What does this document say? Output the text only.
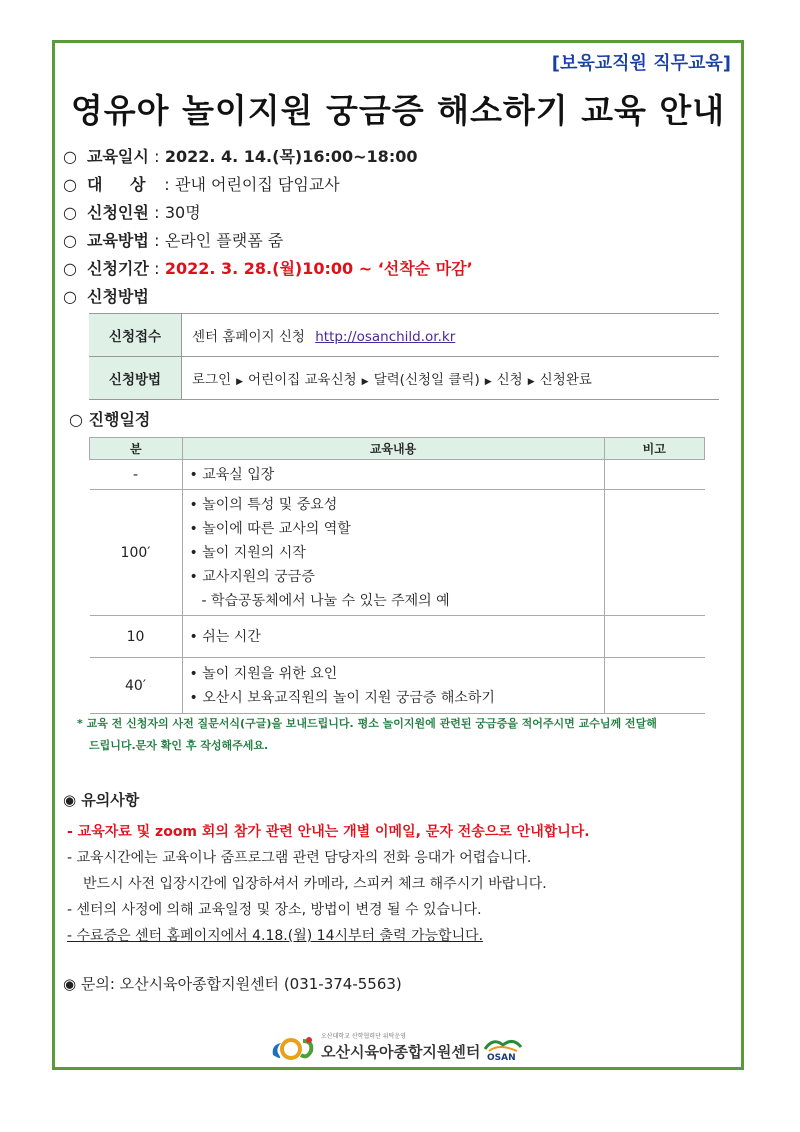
[보육교직원 직무교육]
영유아 놀이지원 궁금증 해소하기 교육 안내
○ 교육일시 : 2022. 4. 14.(목)16:00~18:00
○ 대 상 : 관내 어린이집 담임교사
○ 신청인원 : 30명
○ 교육방법 : 온라인 플랫폼 줌
○ 신청기간 : 2022. 3. 28.(월)10:00 ~ ‘선착순 마감’
○ 신청방법
신청접수	센터 홈페이지 신청 http://osanchild.or.kr
신청방법	로그인 ▶ 어린이집 교육신청 ▶ 달력(신청일 클릭) ▶ 신청 ▶ 신청완료
○ 진행일정
분	교육내용	비고
-	• 교육실 입장	

100′	• 놀이의 특성 및 중요성
• 놀이에 따른 교사의 역할
• 놀이 지원의 시작
• 교사지원의 궁금증
- 학습공동체에서 나눌 수 있는 주제의 예	

10	• 쉬는 시간	

40′	• 놀이 지원을 위한 요인
• 오산시 보육교직원의 놀이 지원 궁금증 해소하기	

* 교육 전 신청자의 사전 질문서식(구글)을 보내드립니다. 평소 놀이지원에 관련된 궁금증을 적어주시면 교수님께 전달해
드립니다.문자 확인 후 작성해주세요.
◉ 유의사항
- 교육자료 및 zoom 회의 참가 관련 안내는 개별 이메일, 문자 전송으로 안내합니다.
- 교육시간에는 교육이나 줌프로그램 관련 담당자의 전화 응대가 어렵습니다.
반드시 사전 입장시간에 입장하셔서 카메라, 스피커 체크 해주시기 바랍니다.
- 센터의 사정에 의해 교육일정 및 장소, 방법이 변경 될 수 있습니다.
- 수료증은 센터 홈페이지에서 4.18.(월) 14시부터 출력 가능합니다.
◉ 문의: 오산시육아종합지원센터 (031-374-5563)
오산대학교 산학협력단 위탁운영
오산시육아종합지원센터 OSAN
